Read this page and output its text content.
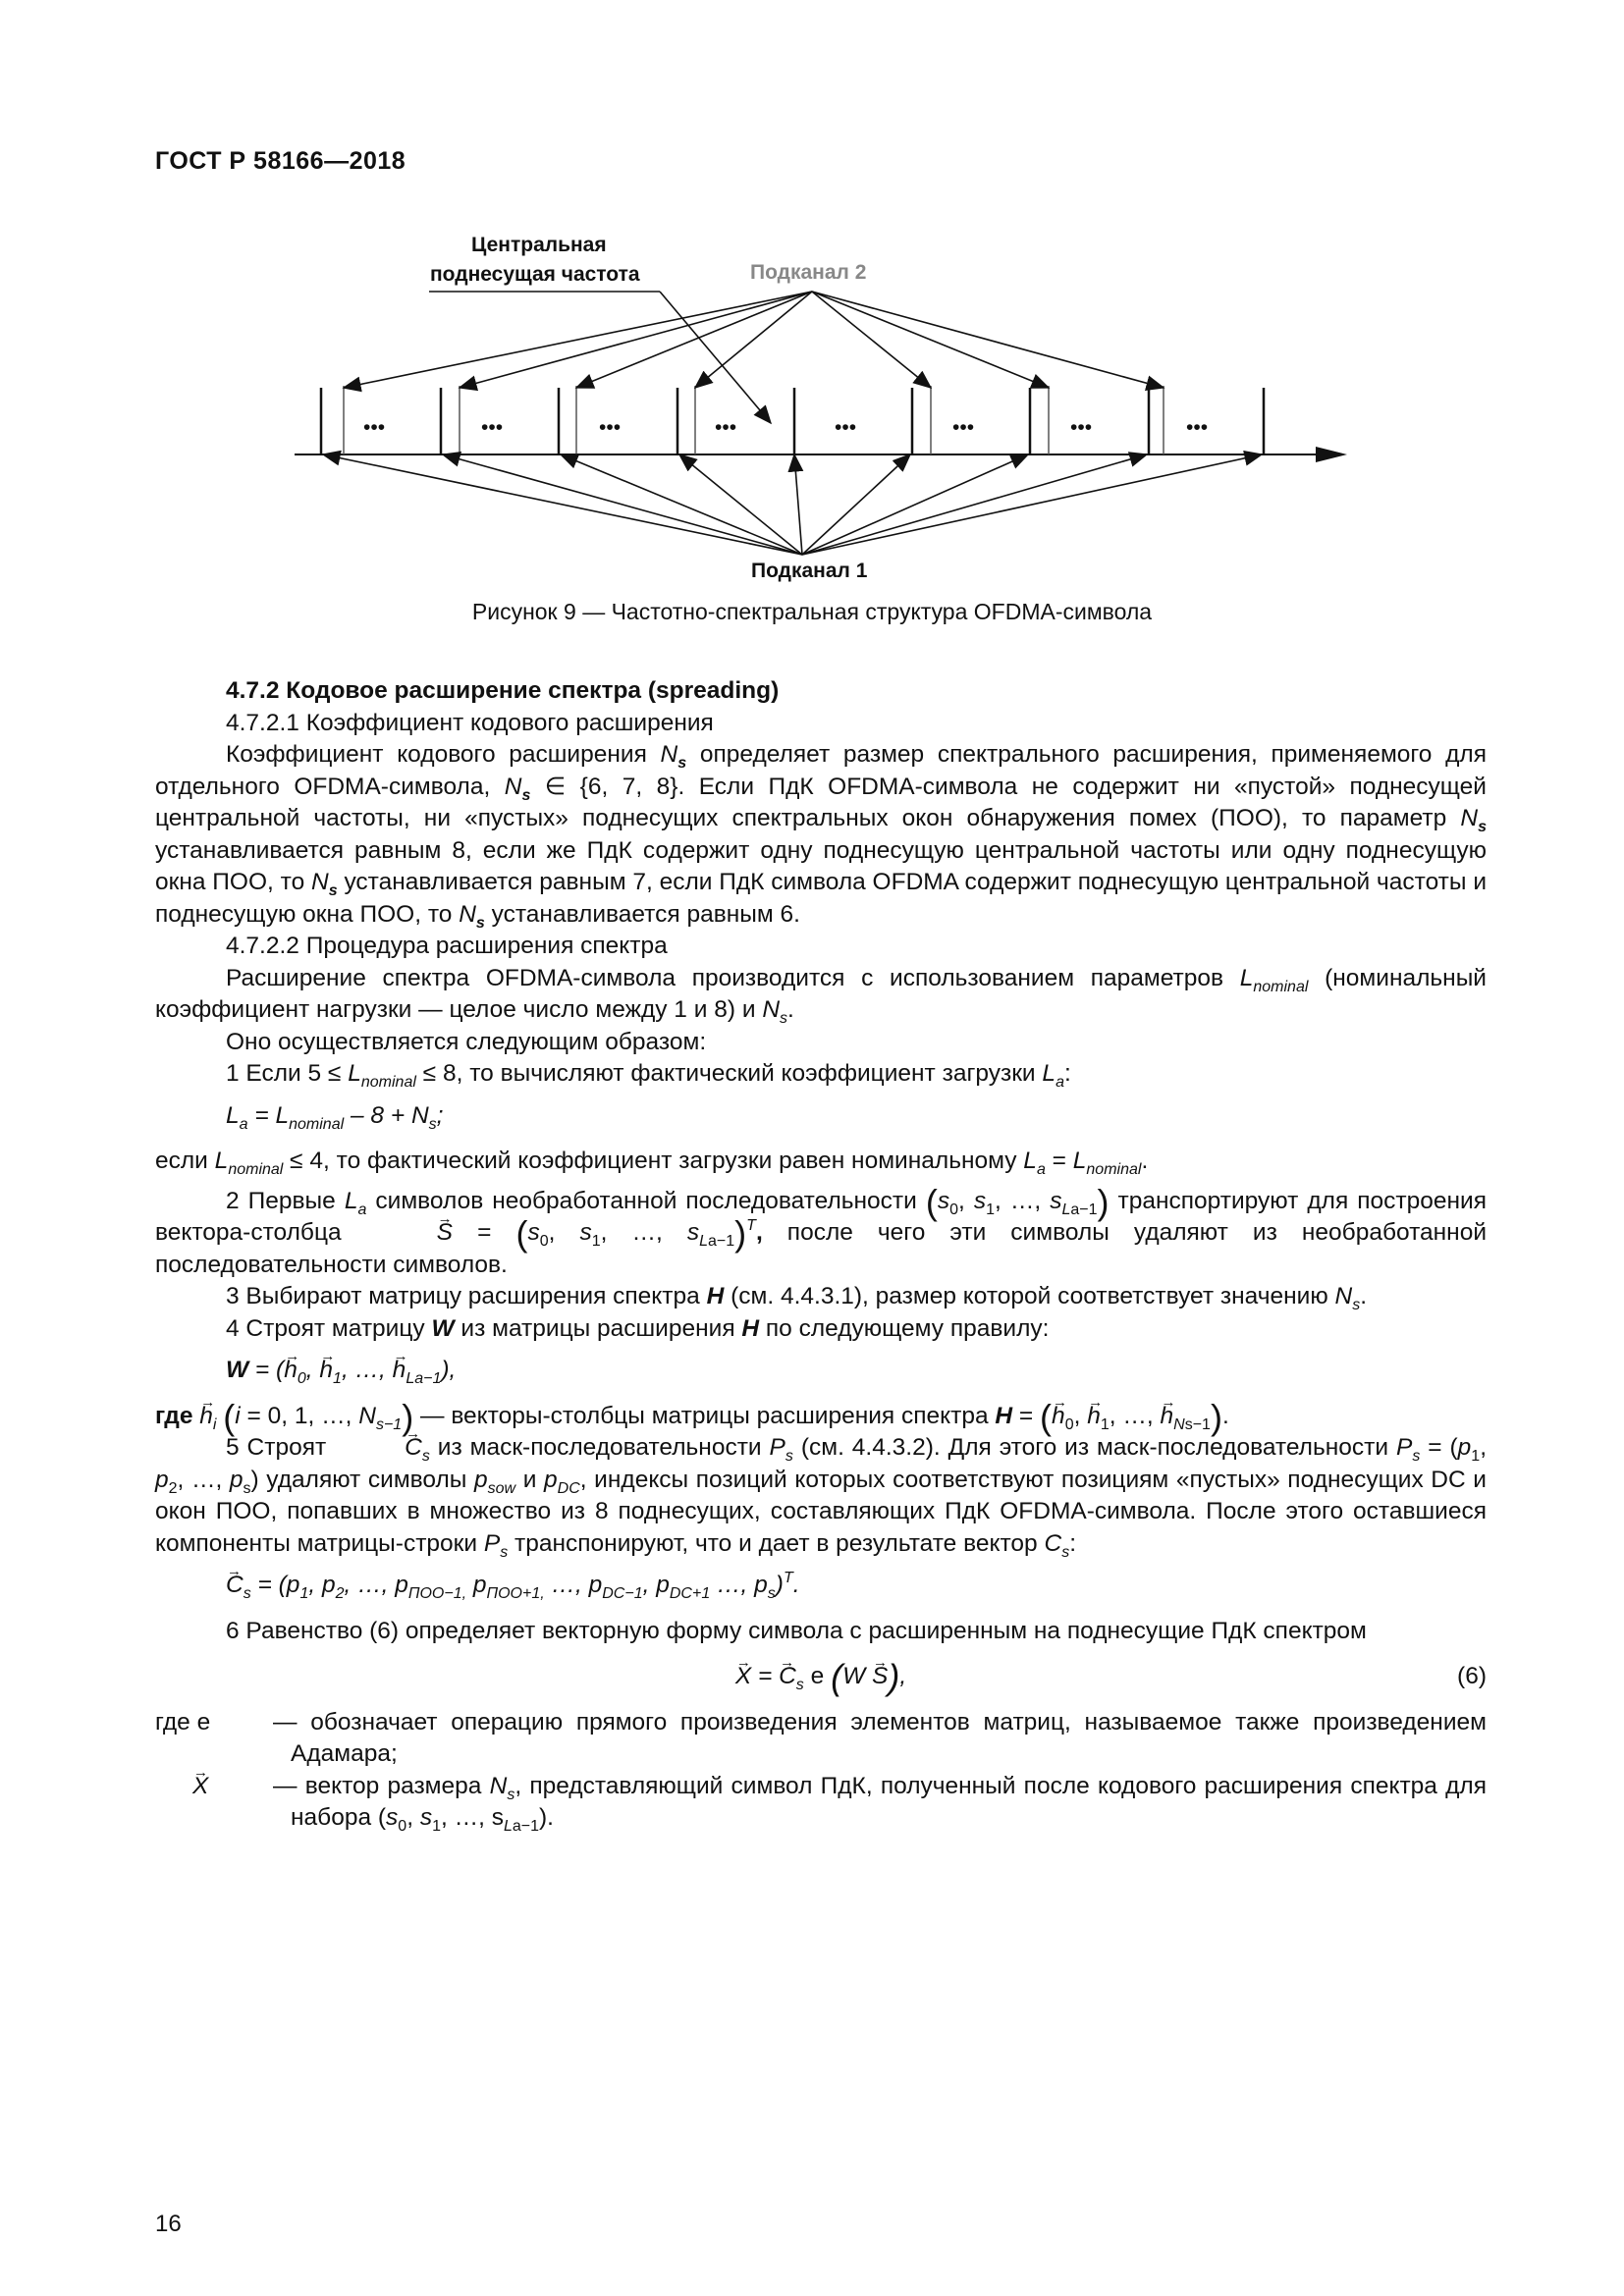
ГОСТ Р 58166—2018
Центральная
поднесущая частота	Подканал 2
Подканал 1
•••	•••	•••	•••	•••	•••	•••	•••
Рисунок 9 — Частотно-спектральная структура OFDMA-символа

4.7.2 Кодовое расширение спектра (spreading)

4.7.2.1 Коэффициент кодового расширения

Коэффициент кодового расширения $N_s$ определяет размер спектрального расширения, применяемого для отдельного OFDMA-символа, $N_s$ ∈ {6, 7, 8}. Если ПдК OFDMA-символа не содержит ни «пустой» поднесущей центральной частоты, ни «пустых» поднесущих спектральных окон обнаружения помех (ПОО), то параметр $N_s$ устанавливается равным 8, если же ПдК содержит одну поднесущую центральной частоты или одну поднесущую окна ПОО, то $N_s$ устанавливается равным 7, если ПдК символа OFDMA содержит поднесущую центральной частоты и поднесущую окна ПОО, то $N_s$ устанавливается равным 6.

4.7.2.2 Процедура расширения спектра

Расширение спектра OFDMA-символа производится с использованием параметров $L_{nominal}$ (номинальный коэффициент нагрузки — целое число между 1 и 8) и $N_s$.

Оно осуществляется следующим образом:

1 Если $5 \le L_{nominal} \le 8$, то вычисляют фактический коэффициент загрузки $L_a$:

$L_a = L_{nominal} - 8 + N_s$;

если $L_{nominal} \le 4$, то фактический коэффициент загрузки равен номинальному $L_a = L_{nominal}$.

2 Первые $L_a$ символов необработанной последовательности ($s_0$, $s_1$, …, $s_{La-1}$) транспортируют для построения вектора-столбца	→ $S = (s_0$, $s_1$, …, $s_{La-1})^T$, после чего эти символы удаляют из необработанной последовательности символов.

3 Выбирают матрицу расширения спектра H (см. 4.4.3.1), размер которой соответствует значению $N_s$.

4 Строят матрицу W из матрицы расширения H по следующему правилу:

W = (→ $h_0$, → $h_1$, …, → $h_{La-1}$),

где → $h_i$ (i = 0, 1, …, $N_{s-1}$) — векторы-столбцы матрицы расширения спектра H = (→ $h_0$, → $h_1$, …, → $h_{Ns-1}$).

5 Строят	→ $C_s$ из маск-последовательности $P_s$ (см. 4.4.3.2). Для этого из маск-последовательности $P_s = (p_1$, $p_2$, …, $p_s$) удаляют символы $p_{sow}$ и $p_{DC}$, индексы позиций которых соответствуют позициям «пустых» поднесущих DC и окон ПОО, попавших в множество из 8 поднесущих, составляющих ПдК OFDMA-символа. После этого оставшиеся компоненты матрицы-строки $P_s$ транспонируют, что и дает в результате вектор $C_s$:

→ $C_s = (p_1$, $p_2$, …, $p_{ПОО-1,}$ $p_{ПОО+1,}$ …, $p_{DC-1}$, $p_{DC+1}$ …, $p_s)^T$.

6 Равенство (6) определяет векторную форму символа с расширенным на поднесущие ПдК спектром

→ X = → $C_s$ e (W → S),	(6)
где e	— обозначает операцию прямого произведения элементов матриц, называемое также произведением Адамара;
→ X	— вектор размера $N_s$, представляющий символ ПдК, полученный после кодового расширения спектра для набора ($s_0$, $s_1$, …, $s_{La-1}$).
16
